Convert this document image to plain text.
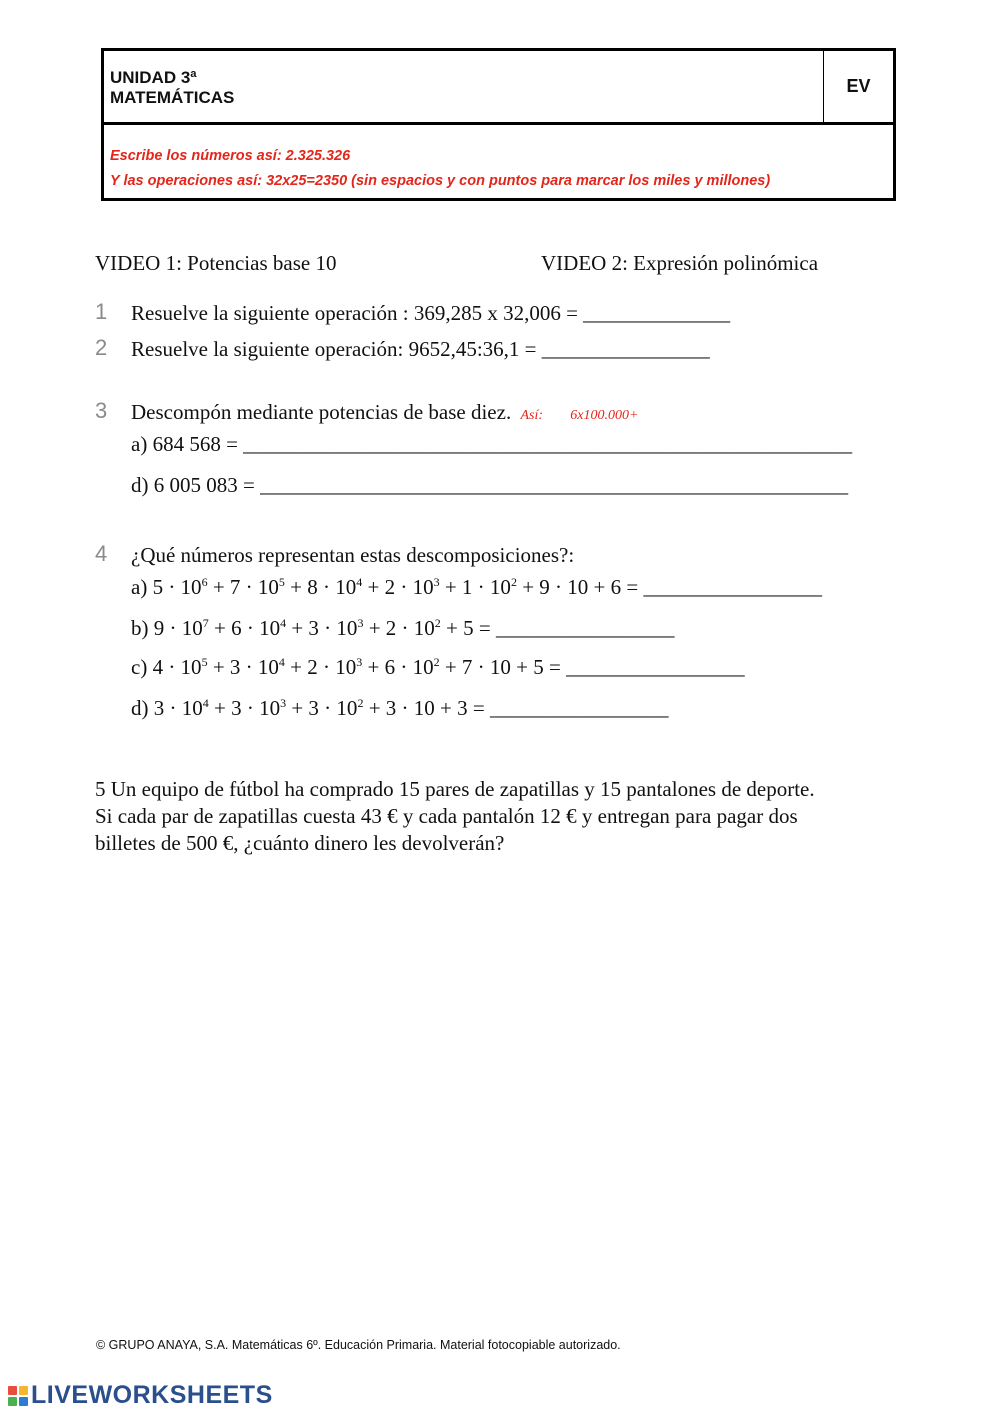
UNIDAD 3ª
MATEMÁTICAS
EV
Escribe los números así: 2.325.326
Y las operaciones así: 32x25=2350 (sin espacios y con puntos para marcar los miles y millones)
VIDEO 1: Potencias base 10	VIDEO 2: Expresión polinómica
1 Resuelve la siguiente operación : 369,285 x 32,006 = ______________
2 Resuelve la siguiente operación: 9652,45:36,1 = ________________
3 Descompón mediante potencias de base diez. Así: 6x100.000+
a) 684 568 = __________________________________________________________
d) 6 005 083 = ________________________________________________________
4 ¿Qué números representan estas descomposiciones?:
a) $5 \cdot 10^6 + 7 \cdot 10^5 + 8 \cdot 10^4 + 2 \cdot 10^3 + 1 \cdot 10^2 + 9 \cdot 10 + 6$ = _________________
b) $9 \cdot 10^7 + 6 \cdot 10^4 + 3 \cdot 10^3 + 2 \cdot 10^2 + 5$ = _________________
c) $4 \cdot 10^5 + 3 \cdot 10^4 + 2 \cdot 10^3 + 6 \cdot 10^2 + 7 \cdot 10 + 5$ = _________________
d) $3 \cdot 10^4 + 3 \cdot 10^3 + 3 \cdot 10^2 + 3 \cdot 10 + 3$ = _________________
5 Un equipo de fútbol ha comprado 15 pares de zapatillas y 15 pantalones de deporte.
Si cada par de zapatillas cuesta 43 € y cada pantalón 12 € y entregan para pagar dos
billetes de 500 €, ¿cuánto dinero les devolverán?
© GRUPO ANAYA, S.A. Matemáticas 6º. Educación Primaria. Material fotocopiable autorizado.
LIVEWORKSHEETS
